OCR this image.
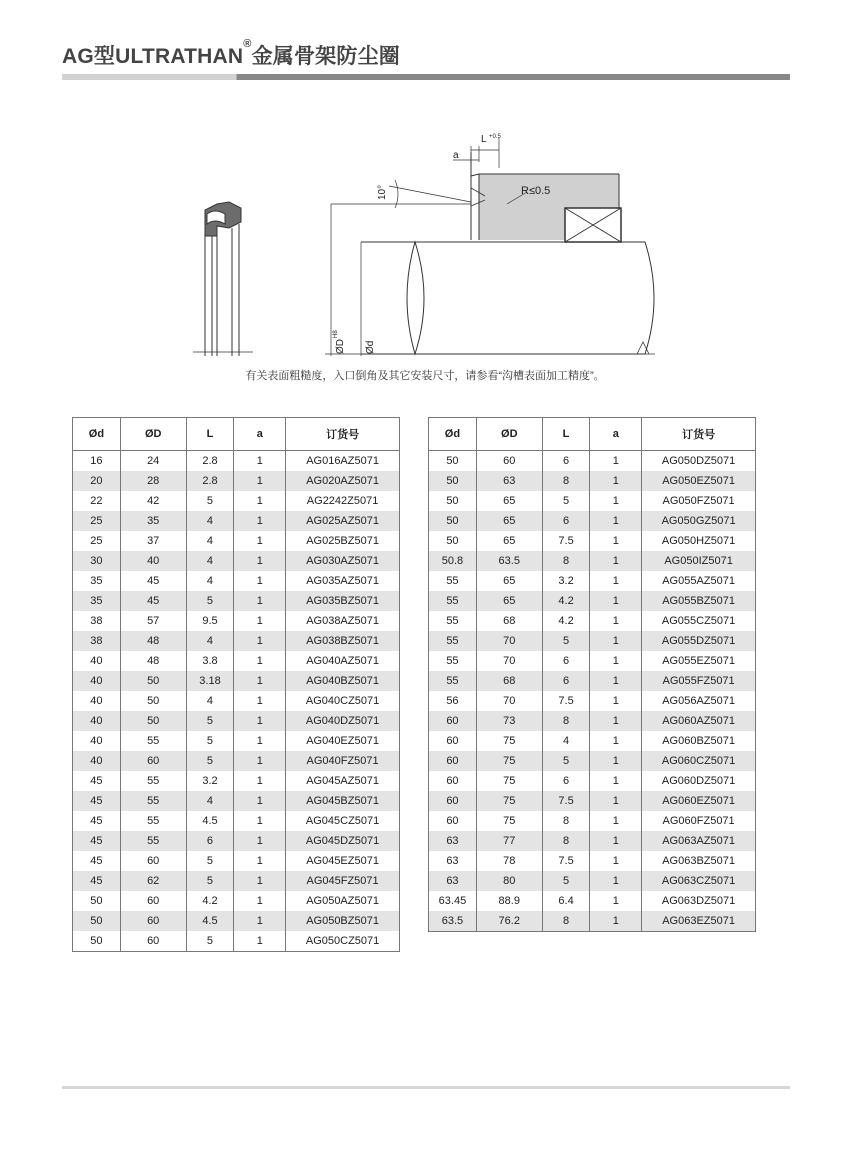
AG型ULTRATHAN®金属骨架防尘圈
L +0.5
a
10°	R≤0.5
ØD
H8
Ød
有关表面粗糙度，入口倒角及其它安装尺寸，请参看“沟槽表面加工精度”。
Ød	ØD	L	a	订货号
16	24	2.8	1	AG016AZ5071
20	28	2.8	1	AG020AZ5071
22	42	5	1	AG2242Z5071
25	35	4	1	AG025AZ5071
25	37	4	1	AG025BZ5071
30	40	4	1	AG030AZ5071
35	45	4	1	AG035AZ5071
35	45	5	1	AG035BZ5071
38	57	9.5	1	AG038AZ5071
38	48	4	1	AG038BZ5071
40	48	3.8	1	AG040AZ5071
40	50	3.18	1	AG040BZ5071
40	50	4	1	AG040CZ5071
40	50	5	1	AG040DZ5071
40	55	5	1	AG040EZ5071
40	60	5	1	AG040FZ5071
45	55	3.2	1	AG045AZ5071
45	55	4	1	AG045BZ5071
45	55	4.5	1	AG045CZ5071
45	55	6	1	AG045DZ5071
45	60	5	1	AG045EZ5071
45	62	5	1	AG045FZ5071
50	60	4.2	1	AG050AZ5071
50	60	4.5	1	AG050BZ5071
50	60	5	1	AG050CZ5071
Ød	ØD	L	a	订货号
50	60	6	1	AG050DZ5071
50	63	8	1	AG050EZ5071
50	65	5	1	AG050FZ5071
50	65	6	1	AG050GZ5071
50	65	7.5	1	AG050HZ5071
50.8	63.5	8	1	AG050IZ5071
55	65	3.2	1	AG055AZ5071
55	65	4.2	1	AG055BZ5071
55	68	4.2	1	AG055CZ5071
55	70	5	1	AG055DZ5071
55	70	6	1	AG055EZ5071
55	68	6	1	AG055FZ5071
56	70	7.5	1	AG056AZ5071
60	73	8	1	AG060AZ5071
60	75	4	1	AG060BZ5071
60	75	5	1	AG060CZ5071
60	75	6	1	AG060DZ5071
60	75	7.5	1	AG060EZ5071
60	75	8	1	AG060FZ5071
63	77	8	1	AG063AZ5071
63	78	7.5	1	AG063BZ5071
63	80	5	1	AG063CZ5071
63.45	88.9	6.4	1	AG063DZ5071
63.5	76.2	8	1	AG063EZ5071
